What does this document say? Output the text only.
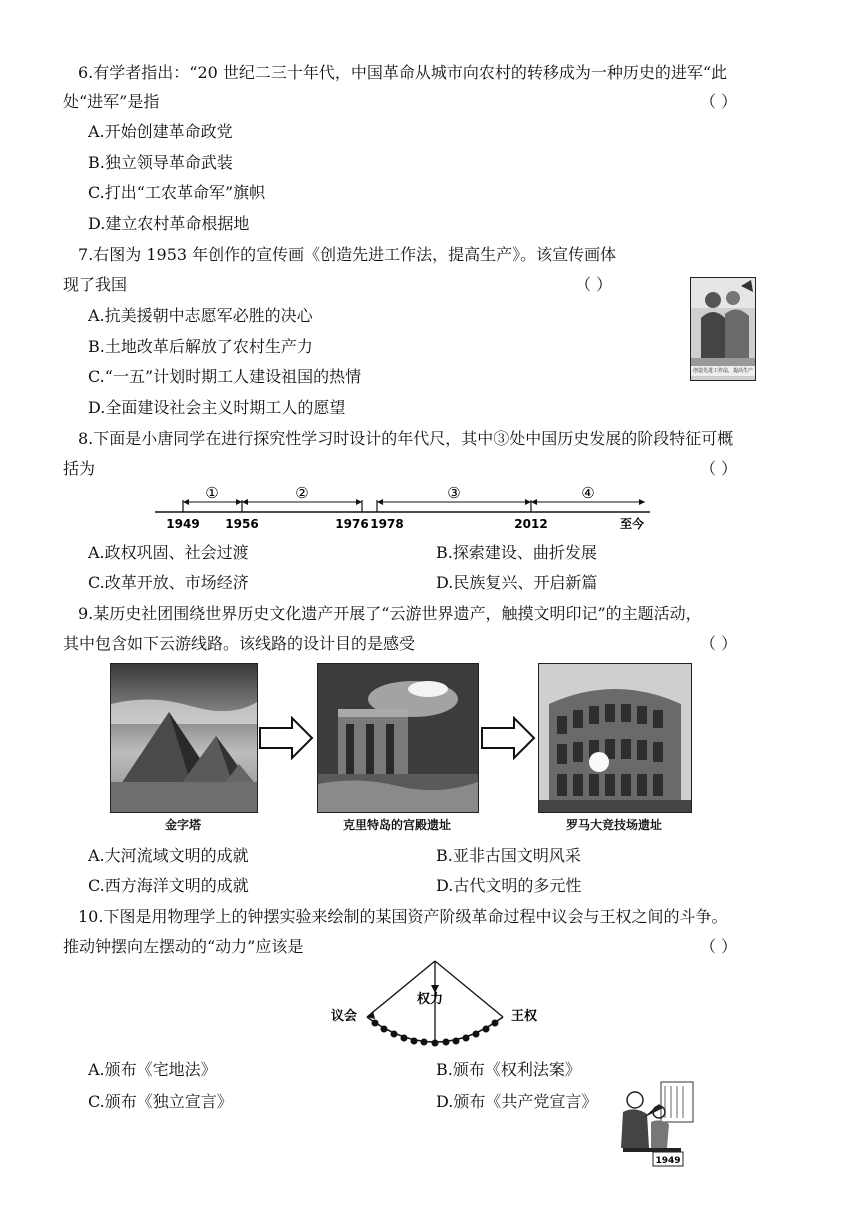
6.有学者指出：“20 世纪二三十年代，中国革命从城市向农村的转移成为一种历史的进军“此
处“进军”是指	（ ）
A.开始创建革命政党
B.独立领导革命武装
C.打出“工农革命军”旗帜
D.建立农村革命根据地
7.右图为 1953 年创作的宣传画《创造先进工作法，提高生产》。该宣传画体
现了我国	（ ）
A.抗美援朝中志愿军必胜的决心
B.土地改革后解放了农村生产力
C.“一五”计划时期工人建设祖国的热情
D.全面建设社会主义时期工人的愿望
创造先进工作法，提高生产
8.下面是小唐同学在进行探究性学习时设计的年代尺，其中③处中国历史发展的阶段特征可概
括为	（ ）
①	②	③	④
1949 1956	1976 1978	2012	至今
A.政权巩固、社会过渡	B.探索建设、曲折发展
C.改革开放、市场经济	D.民族复兴、开启新篇
9.某历史社团围绕世界历史文化遗产开展了“云游世界遗产，触摸文明印记”的主题活动，
其中包含如下云游线路。该线路的设计目的是感受	（ ）
金字塔	克里特岛的宫殿遗址	罗马大竞技场遗址
A.大河流域文明的成就	B.亚非古国文明风采
C.西方海洋文明的成就	D.古代文明的多元性
10.下图是用物理学上的钟摆实验来绘制的某国资产阶级革命过程中议会与王权之间的斗争。
推动钟摆向左摆动的“动力”应该是	（ ）
议会
权力
王权
A.颁布《宅地法》	B.颁布《权利法案》
C.颁布《独立宣言》	D.颁布《共产党宣言》
1949
